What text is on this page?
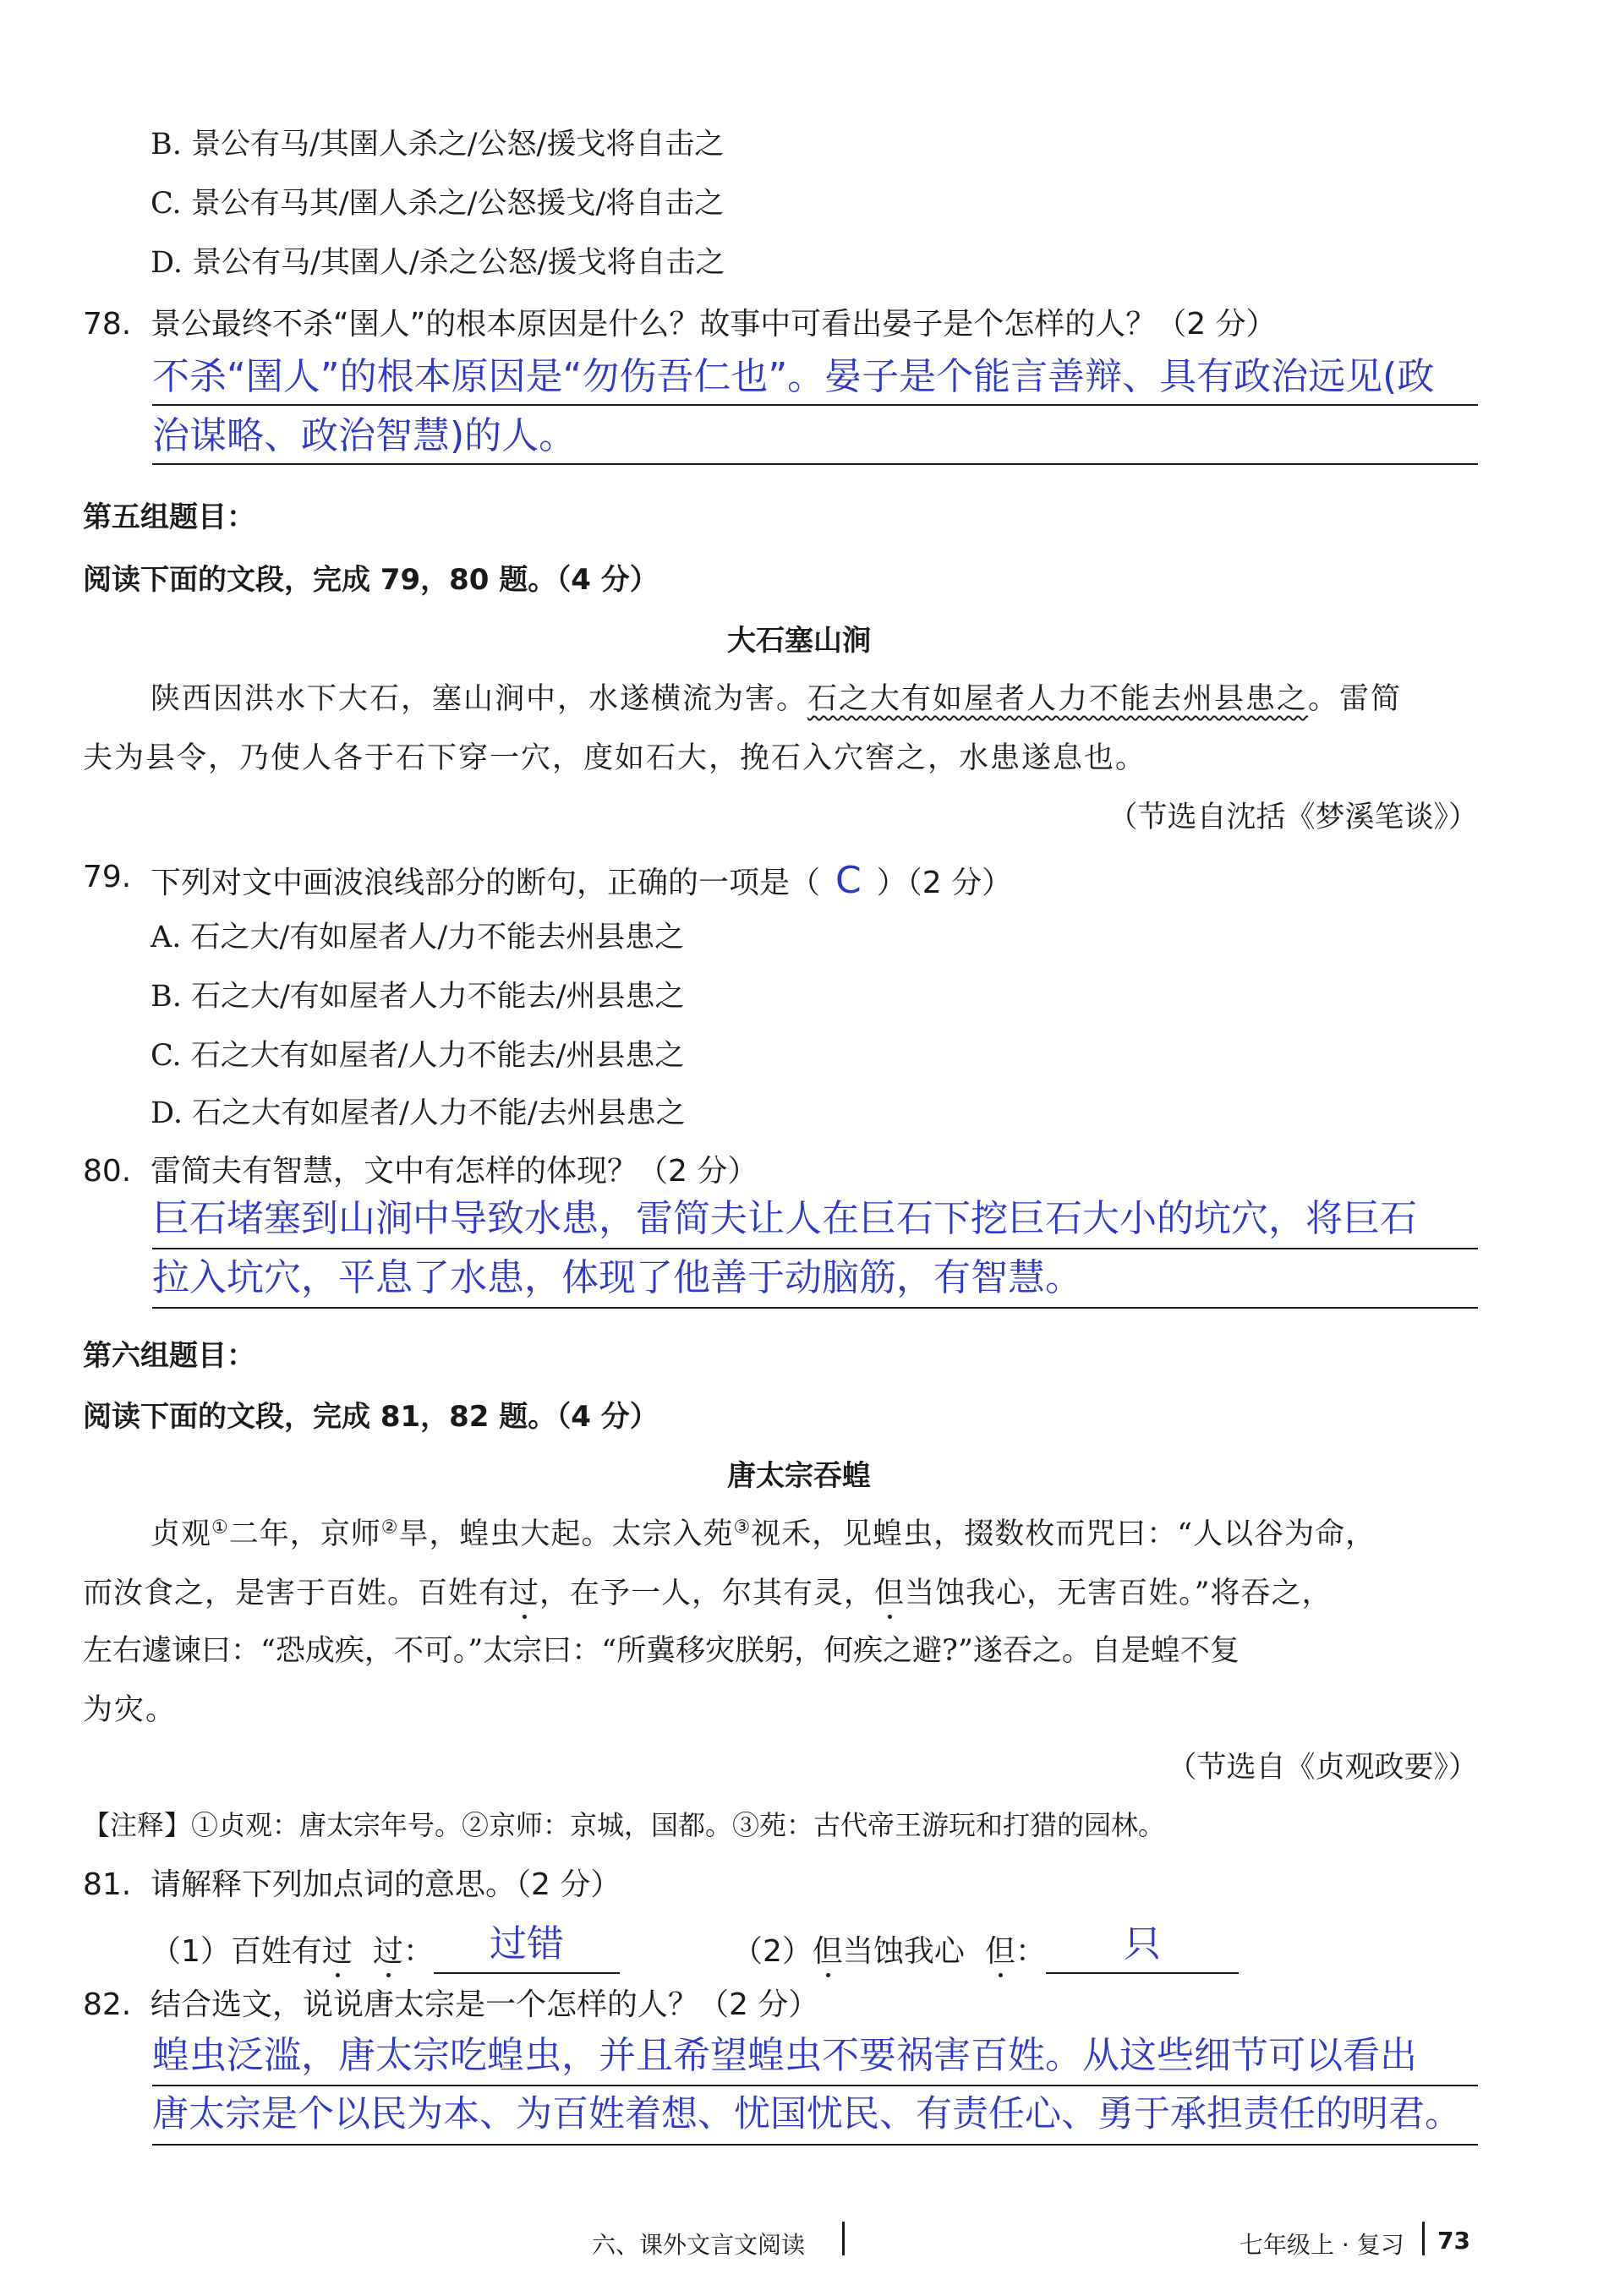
B. 景公有马/其圉人杀之/公怒/援戈将自击之
C. 景公有马其/圉人杀之/公怒援戈/将自击之
D. 景公有马/其圉人/杀之公怒/援戈将自击之
78. 景公最终不杀“圉人”的根本原因是什么？故事中可看出晏子是个怎样的人？（2 分）
不杀“圉人”的根本原因是“勿伤吾仁也”。晏子是个能言善辩、具有政治远见(政
治谋略、政治智慧)的人。
第五组题目：
阅读下面的文段，完成 79，80 题。（4 分）
大石塞山涧
陕西因洪水下大石，塞山涧中，水遂横流为害。石之大有如屋者人力不能去州县患之。雷简
夫为县令，乃使人各于石下穿一穴，度如石大，挽石入穴窖之，水患遂息也。
（节选自沈括《梦溪笔谈》）
79. 下列对文中画波浪线部分的断句，正确的一项是（ C ）（2 分）
A. 石之大/有如屋者人/力不能去州县患之
B. 石之大/有如屋者人力不能去/州县患之
C. 石之大有如屋者/人力不能去/州县患之
D. 石之大有如屋者/人力不能/去州县患之
80. 雷简夫有智慧，文中有怎样的体现？（2 分）
巨石堵塞到山涧中导致水患，雷简夫让人在巨石下挖巨石大小的坑穴，将巨石
拉入坑穴，平息了水患，体现了他善于动脑筋，有智慧。
第六组题目：
阅读下面的文段，完成 81，82 题。（4 分）
唐太宗吞蝗
贞观①二年，京师②旱，蝗虫大起。太宗入苑③视禾，见蝗虫，掇数枚而咒曰：“人以谷为命，
而汝食之，是害于百姓。百姓有过，在予一人，尔其有灵，但当蚀我心，无害百姓。”将吞之，
左右遽谏曰：“恐成疾，不可。”太宗曰：“所冀移灾朕躬，何疾之避?”遂吞之。自是蝗不复
为灾。
（节选自《贞观政要》）
【注释】①贞观：唐太宗年号。②京师：京城，国都。③苑：古代帝王游玩和打猎的园林。
81. 请解释下列加点词的意思。（2 分）
（1）百姓有过 过： 过错	（2）但当蚀我心 但： 只
82. 结合选文，说说唐太宗是一个怎样的人？（2 分）
蝗虫泛滥，唐太宗吃蝗虫，并且希望蝗虫不要祸害百姓。从这些细节可以看出
唐太宗是个以民为本、为百姓着想、忧国忧民、有责任心、勇于承担责任的明君。
六、课外文言文阅读	七年级上 · 复习 73
